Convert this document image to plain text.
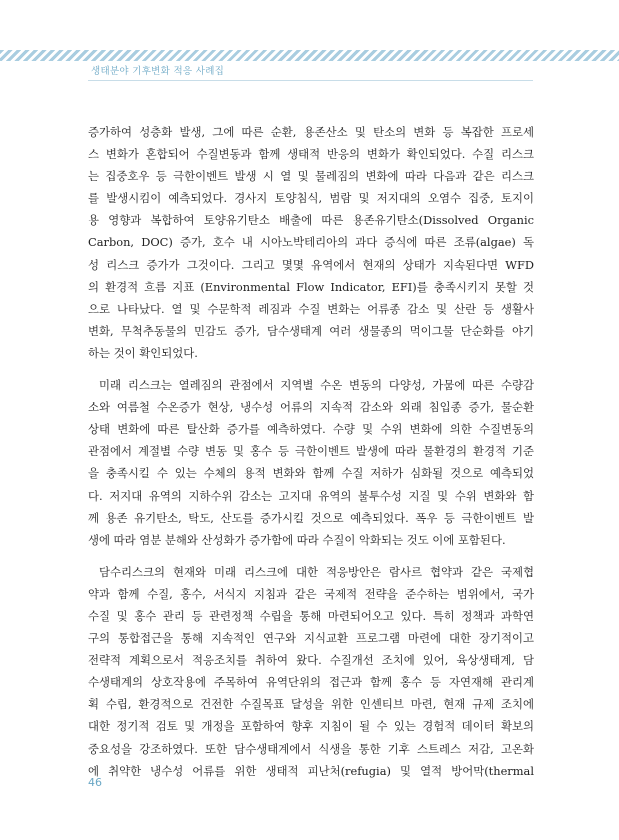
생태분야 기후변화 적응 사례집

증가하여 성층화 발생, 그에 따른 순환, 용존산소 및 탄소의 변화 등 복잡한 프로세
스 변화가 혼합되어 수질변동과 함께 생태적 반응의 변화가 확인되었다. 수질 리스크
는 집중호우 등 극한이벤트 발생 시 열 및 물레짐의 변화에 따라 다음과 같은 리스크
를 발생시킴이 예측되었다. 경사지 토양침식, 범람 및 저지대의 오염수 집중, 토지이
용 영향과 복합하여 토양유기탄소 배출에 따른 용존유기탄소(Dissolved Organic
Carbon, DOC) 증가, 호수 내 시아노박테리아의 과다 증식에 따른 조류(algae) 독
성 리스크 증가가 그것이다. 그리고 몇몇 유역에서 현재의 상태가 지속된다면 WFD
의 환경적 흐름 지표 (Environmental Flow Indicator, EFI)를 충족시키지 못할 것
으로 나타났다. 열 및 수문학적 레짐과 수질 변화는 어류종 감소 및 산란 등 생활사
변화, 무척추동물의 민감도 증가, 담수생태계 여러 생물종의 먹이그물 단순화를 야기
하는 것이 확인되었다.

미래 리스크는 열레짐의 관점에서 지역별 수온 변동의 다양성, 가뭄에 따른 수량감
소와 여름철 수온증가 현상, 냉수성 어류의 지속적 감소와 외래 침입종 증가, 물순환
상태 변화에 따른 탈산화 증가를 예측하였다. 수량 및 수위 변화에 의한 수질변동의
관점에서 계절별 수량 변동 및 홍수 등 극한이벤트 발생에 따라 물환경의 환경적 기준
을 충족시킬 수 있는 수체의 용적 변화와 함께 수질 저하가 심화될 것으로 예측되었
다. 저지대 유역의 지하수위 감소는 고지대 유역의 불투수성 지질 및 수위 변화와 함
께 용존 유기탄소, 탁도, 산도를 증가시킬 것으로 예측되었다. 폭우 등 극한이벤트 발
생에 따라 염분 분해와 산성화가 증가함에 따라 수질이 악화되는 것도 이에 포함된다.

담수리스크의 현재와 미래 리스크에 대한 적응방안은 람사르 협약과 같은 국제협
약과 함께 수질, 홍수, 서식지 지침과 같은 국제적 전략을 준수하는 범위에서, 국가
수질 및 홍수 관리 등 관련정책 수립을 통해 마련되어오고 있다. 특히 정책과 과학연
구의 통합접근을 통해 지속적인 연구와 지식교환 프로그램 마련에 대한 장기적이고
전략적 계획으로서 적응조치를 취하여 왔다. 수질개선 조치에 있어, 육상생태계, 담
수생태계의 상호작용에 주목하여 유역단위의 접근과 함께 홍수 등 자연재해 관리계
획 수립, 환경적으로 건전한 수질목표 달성을 위한 인센티브 마련, 현재 규제 조치에
대한 정기적 검토 및 개정을 포함하여 향후 지침이 될 수 있는 경험적 데이터 확보의
중요성을 강조하였다. 또한 담수생태계에서 식생을 통한 기후 스트레스 저감, 고온화
에 취약한 냉수성 어류를 위한 생태적 피난처(refugia) 및 열적 방어막(thermal

46
